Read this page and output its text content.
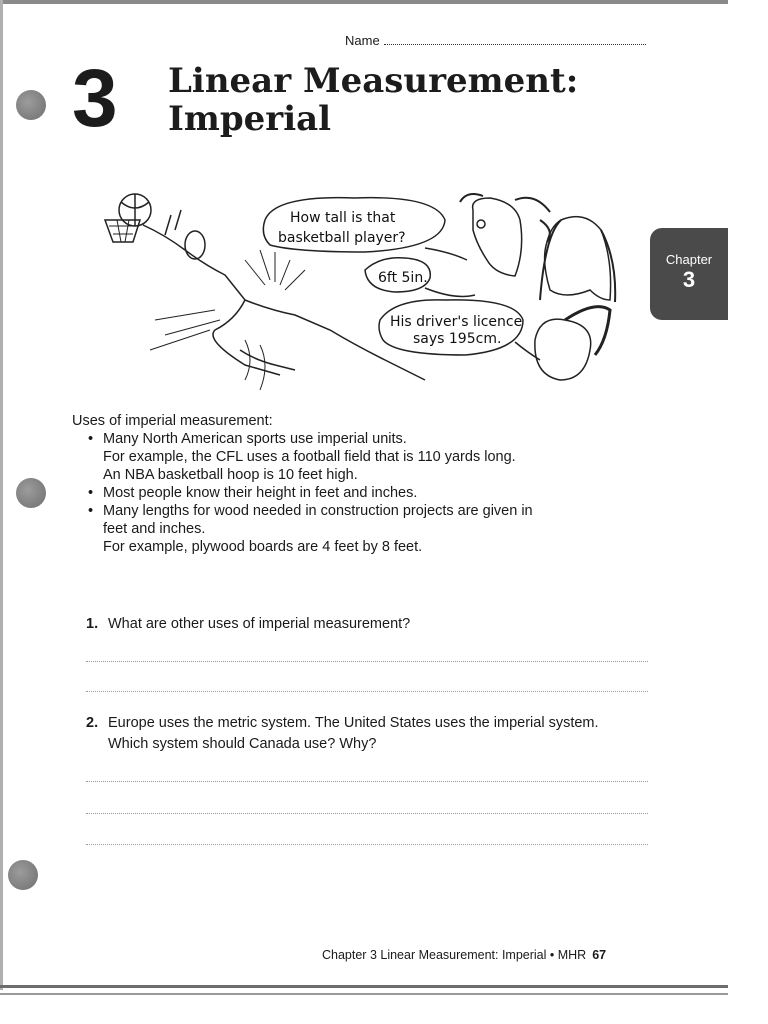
Name
3 Linear Measurement:
Imperial
Chapter
3
How tall is that
basketball player?
6ft 5in.
His driver's licence
says 195cm.
Uses of imperial measurement:
• Many North American sports use imperial units.
For example, the CFL uses a football field that is 110 yards long.
An NBA basketball hoop is 10 feet high.
• Most people know their height in feet and inches.
• Many lengths for wood needed in construction projects are given in
feet and inches.
For example, plywood boards are 4 feet by 8 feet.
1. What are other uses of imperial measurement?
2. Europe uses the metric system. The United States uses the imperial system. Which system should Canada use? Why?
Chapter 3 Linear Measurement: Imperial • MHR 67
